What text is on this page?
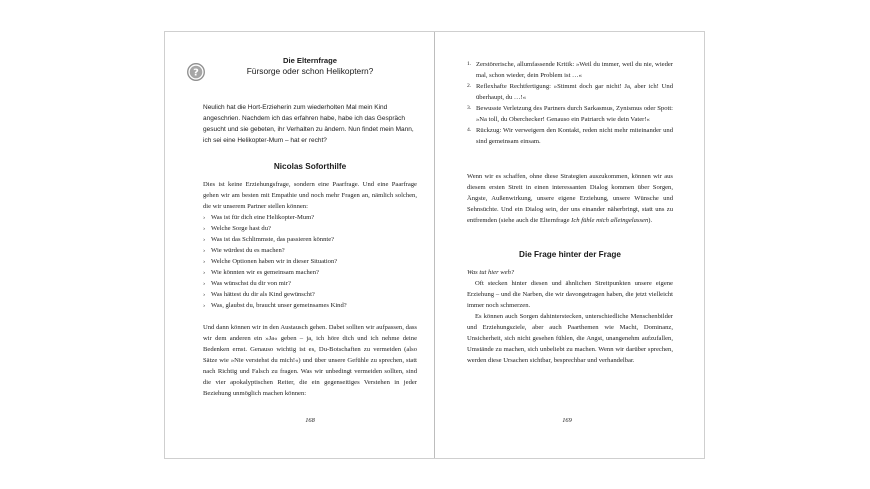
?
Die Elternfrage
Fürsorge oder schon Helikoptern?
Neulich hat die Hort-Erzieherin zum wiederholten Mal mein Kind angeschrien. Nachdem ich das erfahren habe, habe ich das Gespräch gesucht und sie gebeten, ihr Verhalten zu ändern. Nun findet mein Mann, ich sei eine Helikopter-Mum – hat er recht?
Nicolas Soforthilfe
Dies ist keine Erziehungsfrage, sondern eine Paarfrage. Und eine Paarfrage gehen wir am besten mit Empathie und noch mehr Fragen an, nämlich solchen, die wir unserem Partner stellen können:
› Was ist für dich eine Helikopter-Mum?
› Welche Sorge hast du?
› Was ist das Schlimmste, das passieren könnte?
› Wie würdest du es machen?
› Welche Optionen haben wir in dieser Situation?
› Wie könnten wir es gemeinsam machen?
› Was wünschst du dir von mir?
› Was hättest du dir als Kind gewünscht?
› Was, glaubst du, braucht unser gemeinsames Kind?
Und dann können wir in den Austausch gehen. Dabei sollten wir aufpassen, dass wir dem anderen ein »Ja« geben – ja, ich höre dich und ich nehme deine Bedenken ernst. Genauso wichtig ist es, Du-Botschaften zu vermeiden (also Sätze wie »Nie verstehst du mich!«) und über unsere Gefühle zu sprechen, statt nach Richtig und Falsch zu fragen. Was wir unbedingt vermeiden sollten, sind die vier apokalyptischen Reiter, die ein gegenseitiges Verstehen in jeder Beziehung unmöglich machen können:
168
1. Zerstörerische, allumfassende Kritik: »Weil du immer, weil du nie, wieder mal, schon wieder, dein Problem ist …«
2. Reflexhafte Rechtfertigung: »Stimmt doch gar nicht! Ja, aber ich! Und überhaupt, du …!«
3. Bewusste Verletzung des Partners durch Sarkasmus, Zynismus oder Spott: »Na toll, du Oberchecker! Genauso ein Patriarch wie dein Vater!«
4. Rückzug: Wir verweigern den Kontakt, reden nicht mehr miteinander und sind gemeinsam einsam.
Wenn wir es schaffen, ohne diese Strategien auszukommen, können wir aus diesem ersten Streit in einen interessanten Dialog kommen über Sorgen, Ängste, Außenwirkung, unsere eigene Erziehung, unsere Wünsche und Sehnsüchte. Und ein Dialog sein, der uns einander näherbringt, statt uns zu entfremden (siehe auch die Elternfrage Ich fühle mich alleingelassen).
Die Frage hinter der Frage
Was tut hier weh?
Oft stecken hinter diesen und ähnlichen Streitpunkten unsere eigene Erziehung – und die Narben, die wir davongetragen haben, die jetzt vielleicht immer noch schmerzen.
Es können auch Sorgen dahinterstecken, unterschiedliche Menschenbilder und Erziehungsziele, aber auch Paarthemen wie Macht, Dominanz, Unsicherheit, sich nicht gesehen fühlen, die Angst, unangenehm aufzufallen, Umstände zu machen, sich unbeliebt zu machen. Wenn wir darüber sprechen, werden diese Ursachen sichtbar, besprechbar und verhandelbar.
169
